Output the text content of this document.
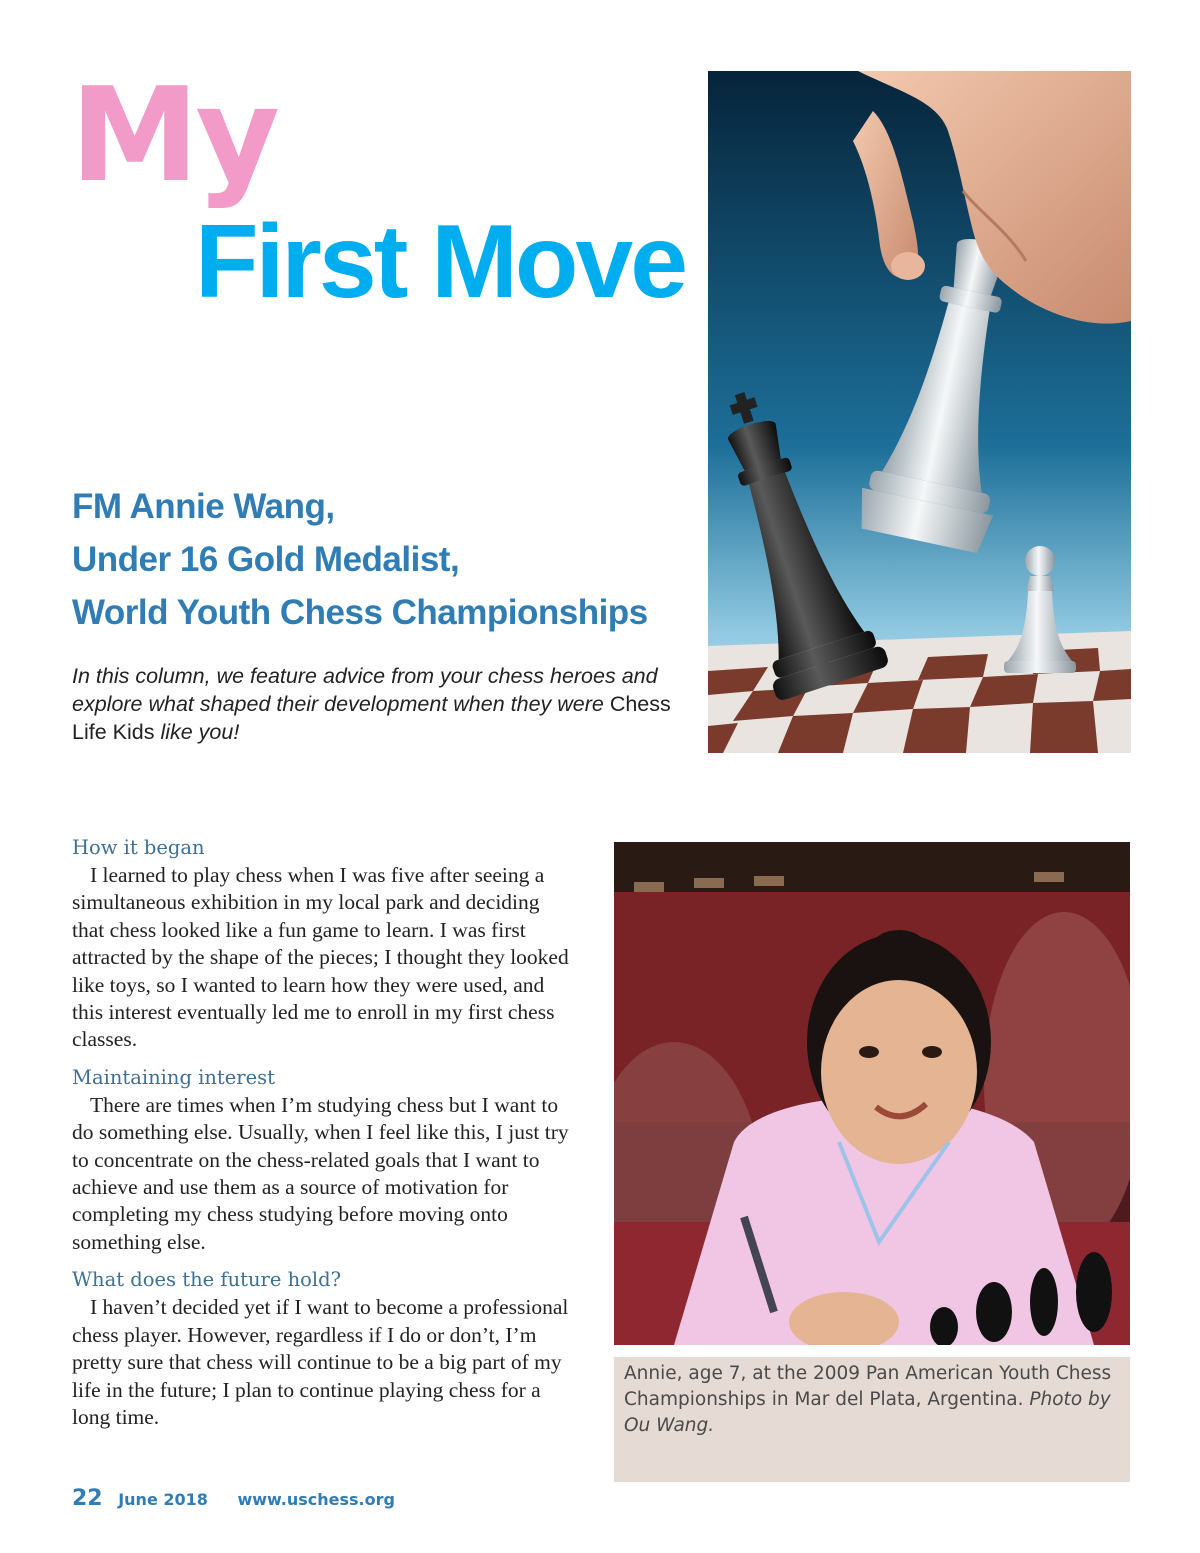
My
First Move
FM Annie Wang,
Under 16 Gold Medalist,
World Youth Chess Championships

In this column, we feature advice from your chess heroes and explore what shaped their development when they were Chess Life Kids like you!

How it began

I learned to play chess when I was five after seeing a simultaneous exhibition in my local park and deciding that chess looked like a fun game to learn. I was first attracted by the shape of the pieces; I thought they looked like toys, so I wanted to learn how they were used, and this interest eventually led me to enroll in my first chess classes.

Maintaining interest

There are times when I’m studying chess but I want to do something else. Usually, when I feel like this, I just try to concentrate on the chess-related goals that I want to achieve and use them as a source of motivation for completing my chess studying before moving onto something else.

What does the future hold?

I haven’t decided yet if I want to become a professional chess player. However, regardless if I do or don’t, I’m pretty sure that chess will continue to be a big part of my life in the future; I plan to continue playing chess for a long time.

Annie, age 7, at the 2009 Pan American Youth Chess Championships in Mar del Plata, Argentina. Photo by Ou Wang.
22 June 2018 www.uschess.org
